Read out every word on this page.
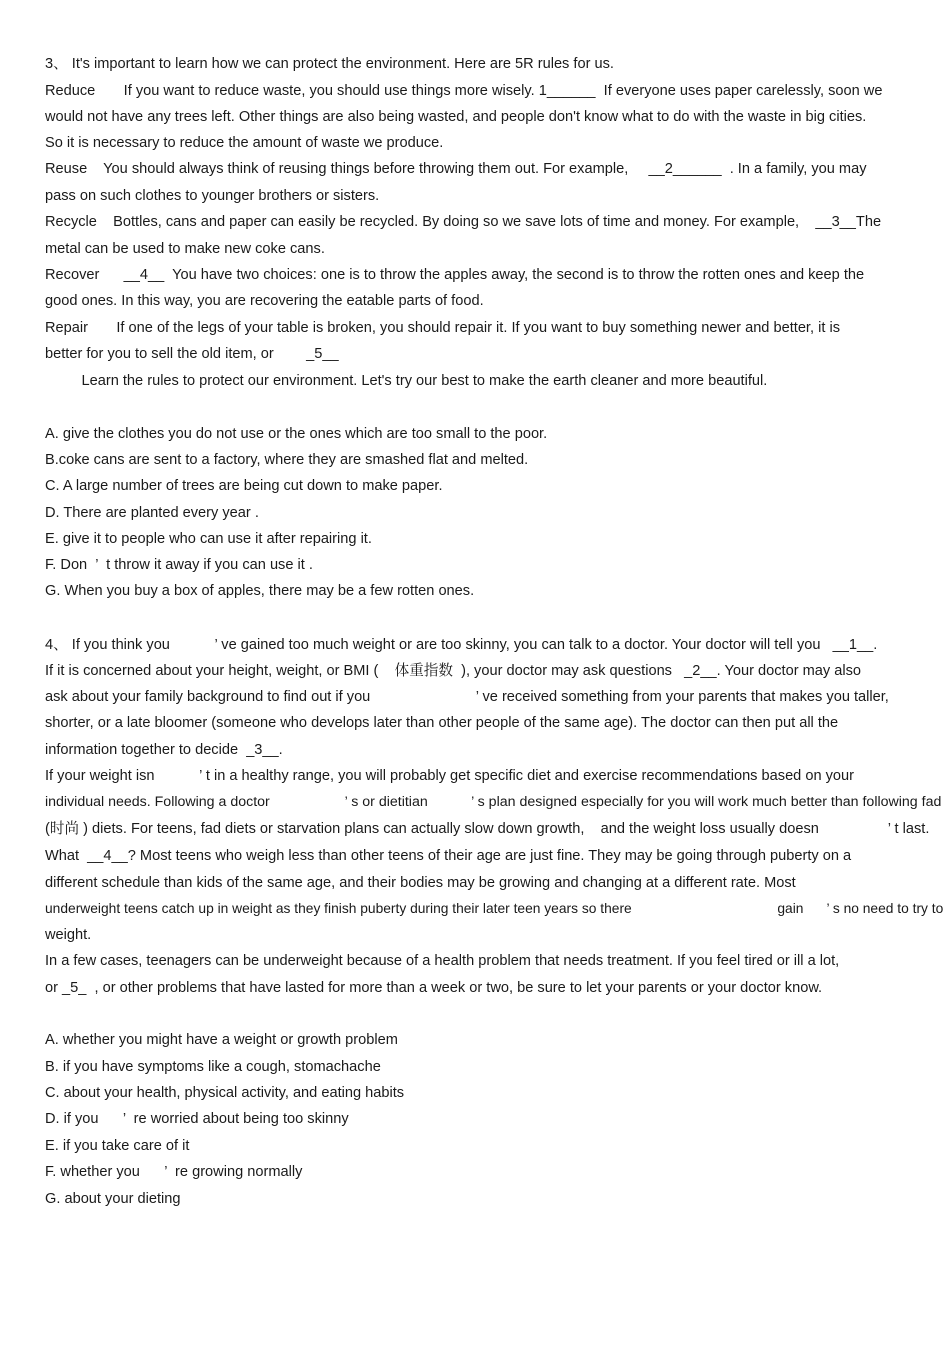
3、 It's important to learn how we can protect the environment. Here are 5R rules for us.
Reduce       If you want to reduce waste, you should use things more wisely. 1______  If everyone uses paper carelessly, soon we
would not have any trees left. Other things are also being wasted, and people don't know what to do with the waste in big cities.
So it is necessary to reduce the amount of waste we produce.
Reuse    You should always think of reusing things before throwing them out. For example,     __2______  . In a family, you may
pass on such clothes to younger brothers or sisters.
Recycle    Bottles, cans and paper can easily be recycled. By doing so we save lots of time and money. For example,    __3__The
metal can be used to make new coke cans.
Recover      __4__  You have two choices: one is to throw the apples away, the second is to throw the rotten ones and keep the
good ones. In this way, you are recovering the eatable parts of food.
Repair       If one of the legs of your table is broken, you should repair it. If you want to buy something newer and better, it is
better for you to sell the old item, or        _5__
Learn the rules to protect our environment. Let's try our best to make the earth cleaner and more beautiful.
A. give the clothes you do not use or the ones which are too small to the poor.
B.coke cans are sent to a factory, where they are smashed flat and melted.
C. A large number of trees are being cut down to make paper.
D. There are planted every year .
E. give it to people who can use it after repairing it.
F. Don  ’  t throw it away if you can use it .
G. When you buy a box of apples, there may be a few rotten ones.
4、 If you think you           ’ ve gained too much weight or are too skinny, you can talk to a doctor. Your doctor will tell you   __1__.
If it is concerned about your height, weight, or BMI (    体重指数  ), your doctor may ask questions   _2__. Your doctor may also
ask about your family background to find out if you                          ’ ve received something from your parents that makes you taller,
shorter, or a late bloomer (someone who develops later than other people of the same age). The doctor can then put all the
information together to decide  _3__.
If your weight isn           ’ t in a healthy range, you will probably get specific diet and exercise recommendations based on your
individual needs. Following a doctor                   ’ s or dietitian           ’ s plan designed especially for you will work much better than following fad
(时尚 ) diets. For teens, fad diets or starvation plans can actually slow down growth,    and the weight loss usually doesn                 ’ t last.
What  __4__? Most teens who weigh less than other teens of their age are just fine. They may be going through puberty on a
different schedule than kids of the same age, and their bodies may be growing and changing at a different rate. Most
underweight teens catch up in weight as they finish puberty during their later teen years so there                                      gain      ’ s no need to try to
weight.
In a few cases, teenagers can be underweight because of a health problem that needs treatment. If you feel tired or ill a lot,
or _5_  , or other problems that have lasted for more than a week or two, be sure to let your parents or your doctor know.
A. whether you might have a weight or growth problem
B. if you have symptoms like a cough, stomachache
C. about your health, physical activity, and eating habits
D. if you      ’  re worried about being too skinny
E. if you take care of it
F. whether you      ’  re growing normally
G. about your dieting
